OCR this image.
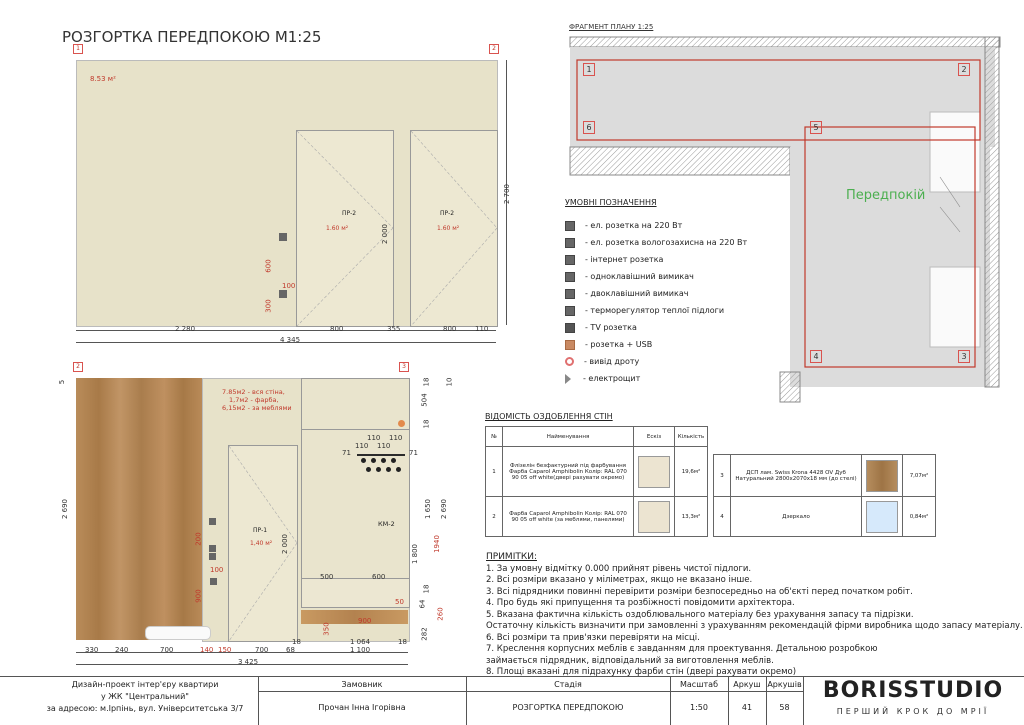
РОЗГОРТКА ПЕРЕДПОКОЮ М1:25
1	2
8.53 м²
ПР-2
1.60 м²
ПР-2
1.60 м²
600
300
100
2 280	800	355	800	110
4 345
2 700
2 000
2	3
7.85м2 - вся стіна,
1,7м2 - фарба,
6,15м2 - за меблями
ПР-1
1,40 м² 2 000
200
900
100
КМ-2
110 110
110 110
71	71
500	600
900
50
350
330 240	700	140 150	700	68
18	1 064	18
1 100
3 425
2 690
5
2 690
10
504
18
1 650
1 800 1940
18
64
18
260
282
ФРАГМЕНТ ПЛАНУ 1:25
Передпокій
1	2
3
4
5
6
УМОВНІ ПОЗНАЧЕННЯ
- ел. розетка на 220 Вт
- ел. розетка вологозахисна на 220 Вт
- інтернет розетка
- одноклавішний вимикач
- двоклавішний вимикач
- терморегулятор теплої підлоги
- TV розетка
- розетка + USB
- вивід дроту
- електрощит
ВІДОМІСТЬ ОЗДОБЛЕННЯ СТІН
№	Найменування	Ескіз	Кількість
1	Флізелін безфактурний під фарбування Фарба Caparol Amphibolin Колір: RAL 070 90 05 off white(двері рахувати окремо)		19,6м²
2	Фарба Caparol Amphibolin Колір: RAL 070 90 05 off white (за меблями, панелями)		13,3м²
3	ДСП лам. Swiss Krona 4428 OV Дуб Натуральний 2800x2070x18 мм (до стелі)		7,07м²
4	Дзеркало		0,84м²
ПРИМІТКИ:
1. За умовну відмітку 0.000 прийнят рівень чистої підлоги.
2. Всі розміри вказано у міліметрах, якщо не вказано інше.
3. Всі підрядники повинні перевірити розміри безпосередньо на об'єкті перед початком робіт.
4. Про будь які припущення та розбіжності повідомити архітектора.
5. Вказана фактична кількість оздоблювального матеріалу без урахування запасу та підрізки.
Остаточну кількість визначити при замовленні з урахуванням рекомендацій фірми виробника щодо запасу матеріалу.
6. Всі розміри та прив'язки перевіряти на місці.
7. Креслення корпусних меблів є завданням для проектування. Детальною розробкою
займається підрядник, відповідальний за виготовлення меблів.
8. Площі вказані для підрахунку фарби стін (двері рахувати окремо)
Дизайн-проект інтер'єру квартири
у ЖК "Центральний"
за адресою: м.Ірпінь, вул. Університетська 3/7
Замовник
Прочан Інна Ігорівна
Стадія
РОЗГОРТКА ПЕРЕДПОКОЮ
Масштаб
1:50
Аркуш
41
Аркушів
58
BORISSTUDIO
ПЕРШИЙ КРОК ДО МРІЇ
